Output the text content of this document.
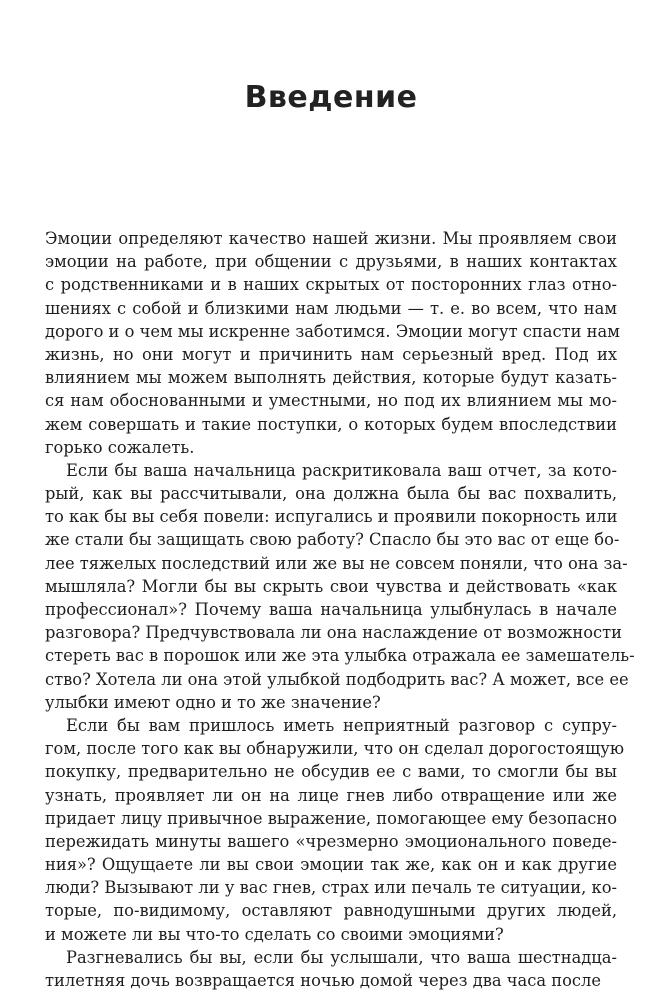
Введение
Эмоции определяют качество нашей жизни. Мы проявляем свои
эмоции на работе, при общении с друзьями, в наших контактах
с родственниками и в наших скрытых от посторонних глаз отно-
шениях с собой и близкими нам людьми — т. е. во всем, что нам
дорого и о чем мы искренне заботимся. Эмоции могут спасти нам
жизнь, но они могут и причинить нам серьезный вред. Под их
влиянием мы можем выполнять действия, которые будут казать-
ся нам обоснованными и уместными, но под их влиянием мы мо-
жем совершать и такие поступки, о которых будем впоследствии
горько сожалеть.
Если бы ваша начальница раскритиковала ваш отчет, за кото-
рый, как вы рассчитывали, она должна была бы вас похвалить,
то как бы вы себя повели: испугались и проявили покорность или
же стали бы защищать свою работу? Спасло бы это вас от еще бо-
лее тяжелых последствий или же вы не совсем поняли, что она за-
мышляла? Могли бы вы скрыть свои чувства и действовать «как
профессионал»? Почему ваша начальница улыбнулась в начале
разговора? Предчувствовала ли она наслаждение от возможности
стереть вас в порошок или же эта улыбка отражала ее замешатель-
ство? Хотела ли она этой улыбкой подбодрить вас? А может, все ее
улыбки имеют одно и то же значение?
Если бы вам пришлось иметь неприятный разговор с супру-
гом, после того как вы обнаружили, что он сделал дорогостоящую
покупку, предварительно не обсудив ее с вами, то смогли бы вы
узнать, проявляет ли он на лице гнев либо отвращение или же
придает лицу привычное выражение, помогающее ему безопасно
пережидать минуты вашего «чрезмерно эмоционального поведе-
ния»? Ощущаете ли вы свои эмоции так же, как он и как другие
люди? Вызывают ли у вас гнев, страх или печаль те ситуации, ко-
торые, по-видимому, оставляют равнодушными других людей,
и можете ли вы что-то сделать со своими эмоциями?
Разгневались бы вы, если бы услышали, что ваша шестнадца-
тилетняя дочь возвращается ночью домой через два часа после
